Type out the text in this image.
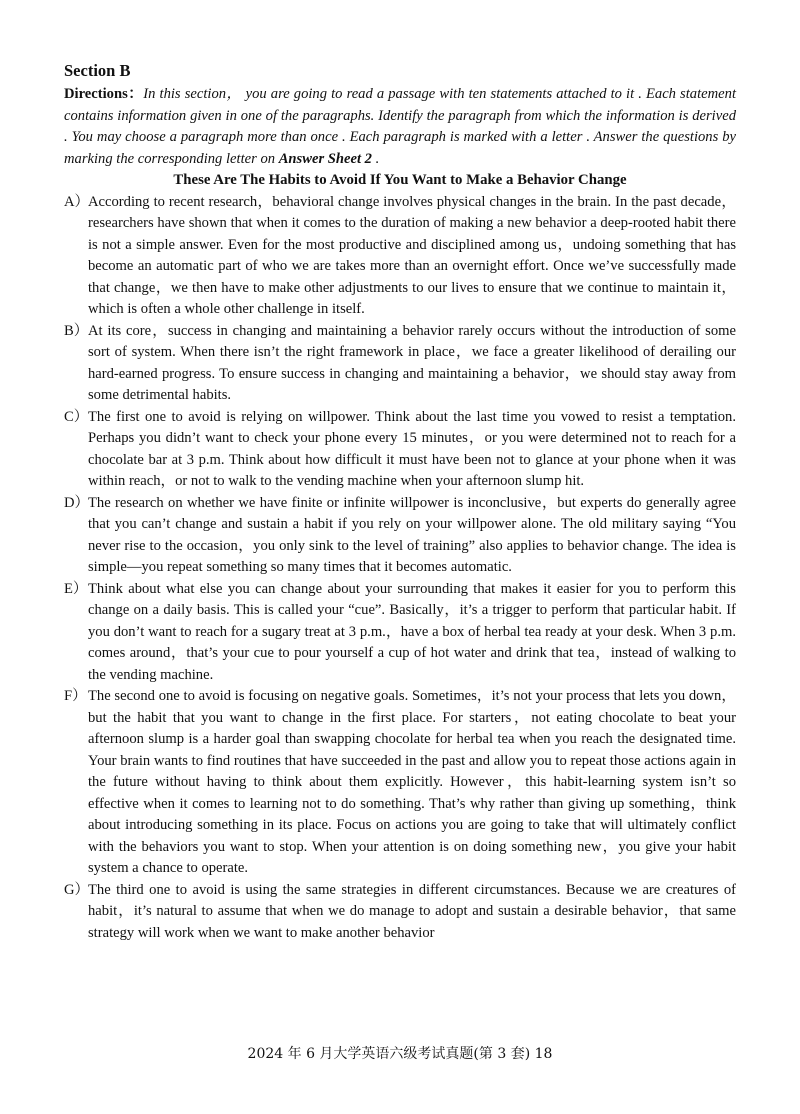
Section B

Directions：In this section， you are going to read a passage with ten statements attached to it . Each statement contains information given in one of the paragraphs. Identify the paragraph from which the information is derived . You may choose a paragraph more than once . Each paragraph is marked with a letter . Answer the questions by marking the corresponding letter on Answer Sheet 2 .

These Are The Habits to Avoid If You Want to Make a Behavior Change

A）
According to recent research，behavioral change involves physical changes in the brain. In the past decade，researchers have shown that when it comes to the duration of making a new behavior a deep-rooted habit there is not a simple answer. Even for the most productive and disciplined among us，undoing something that has become an automatic part of who we are takes more than an overnight effort. Once we’ve successfully made that change，we then have to make other adjustments to our lives to ensure that we continue to maintain it，which is often a whole other challenge in itself.

B） At its core，success in changing and maintaining a behavior rarely occurs without the introduction of some sort of system. When there isn’t the right framework in place，we face a greater likelihood of derailing our hard-earned progress. To ensure success in changing and maintaining a behavior，we should stay away from some detrimental habits.

C） The first one to avoid is relying on willpower. Think about the last time you vowed to resist a temptation. Perhaps you didn’t want to check your phone every 15 minutes，or you were determined not to reach for a chocolate bar at 3 p.m. Think about how difficult it must have been not to glance at your phone when it was within reach，or not to walk to the vending machine when your afternoon slump hit.

D）
The research on whether we have finite or infinite willpower is inconclusive，but experts do generally agree that you can’t change and sustain a habit if you rely on your willpower alone. The old military saying “You never rise to the occasion，you only sink to the level of training” also applies to behavior change. The idea is simple—you repeat something so many times that it becomes automatic.

E） Think about what else you can change about your surrounding that makes it easier for you to perform this change on a daily basis. This is called your “cue”. Basically，it’s a trigger to perform that particular habit. If you don’t want to reach for a sugary treat at 3 p.m.，have a box of herbal tea ready at your desk. When 3 p.m. comes around，that’s your cue to pour yourself a cup of hot water and drink that tea，instead of walking to the vending machine.

F） The second one to avoid is focusing on negative goals. Sometimes，it’s not your process that lets you down，but the habit that you want to change in the first place. For starters，not eating chocolate to beat your afternoon slump is a harder goal than swapping chocolate for herbal tea when you reach the designated time. Your brain wants to find routines that have succeeded in the past and allow you to repeat those actions again in the future without having to think about them explicitly. However，this habit-learning system isn’t so effective when it comes to learning not to do something. That’s why rather than giving up something，think about introducing something in its place. Focus on actions you are going to take that will ultimately conflict with the behaviors you want to stop. When your attention is on doing something new，you give your habit system a chance to operate.

G）
The third one to avoid is using the same strategies in different circumstances. Because we are creatures of habit，it’s natural to assume that when we do manage to adopt and sustain a desirable behavior，that same strategy will work when we want to make another behavior

2024 年 6 月大学英语六级考试真题(第 3 套) 18
